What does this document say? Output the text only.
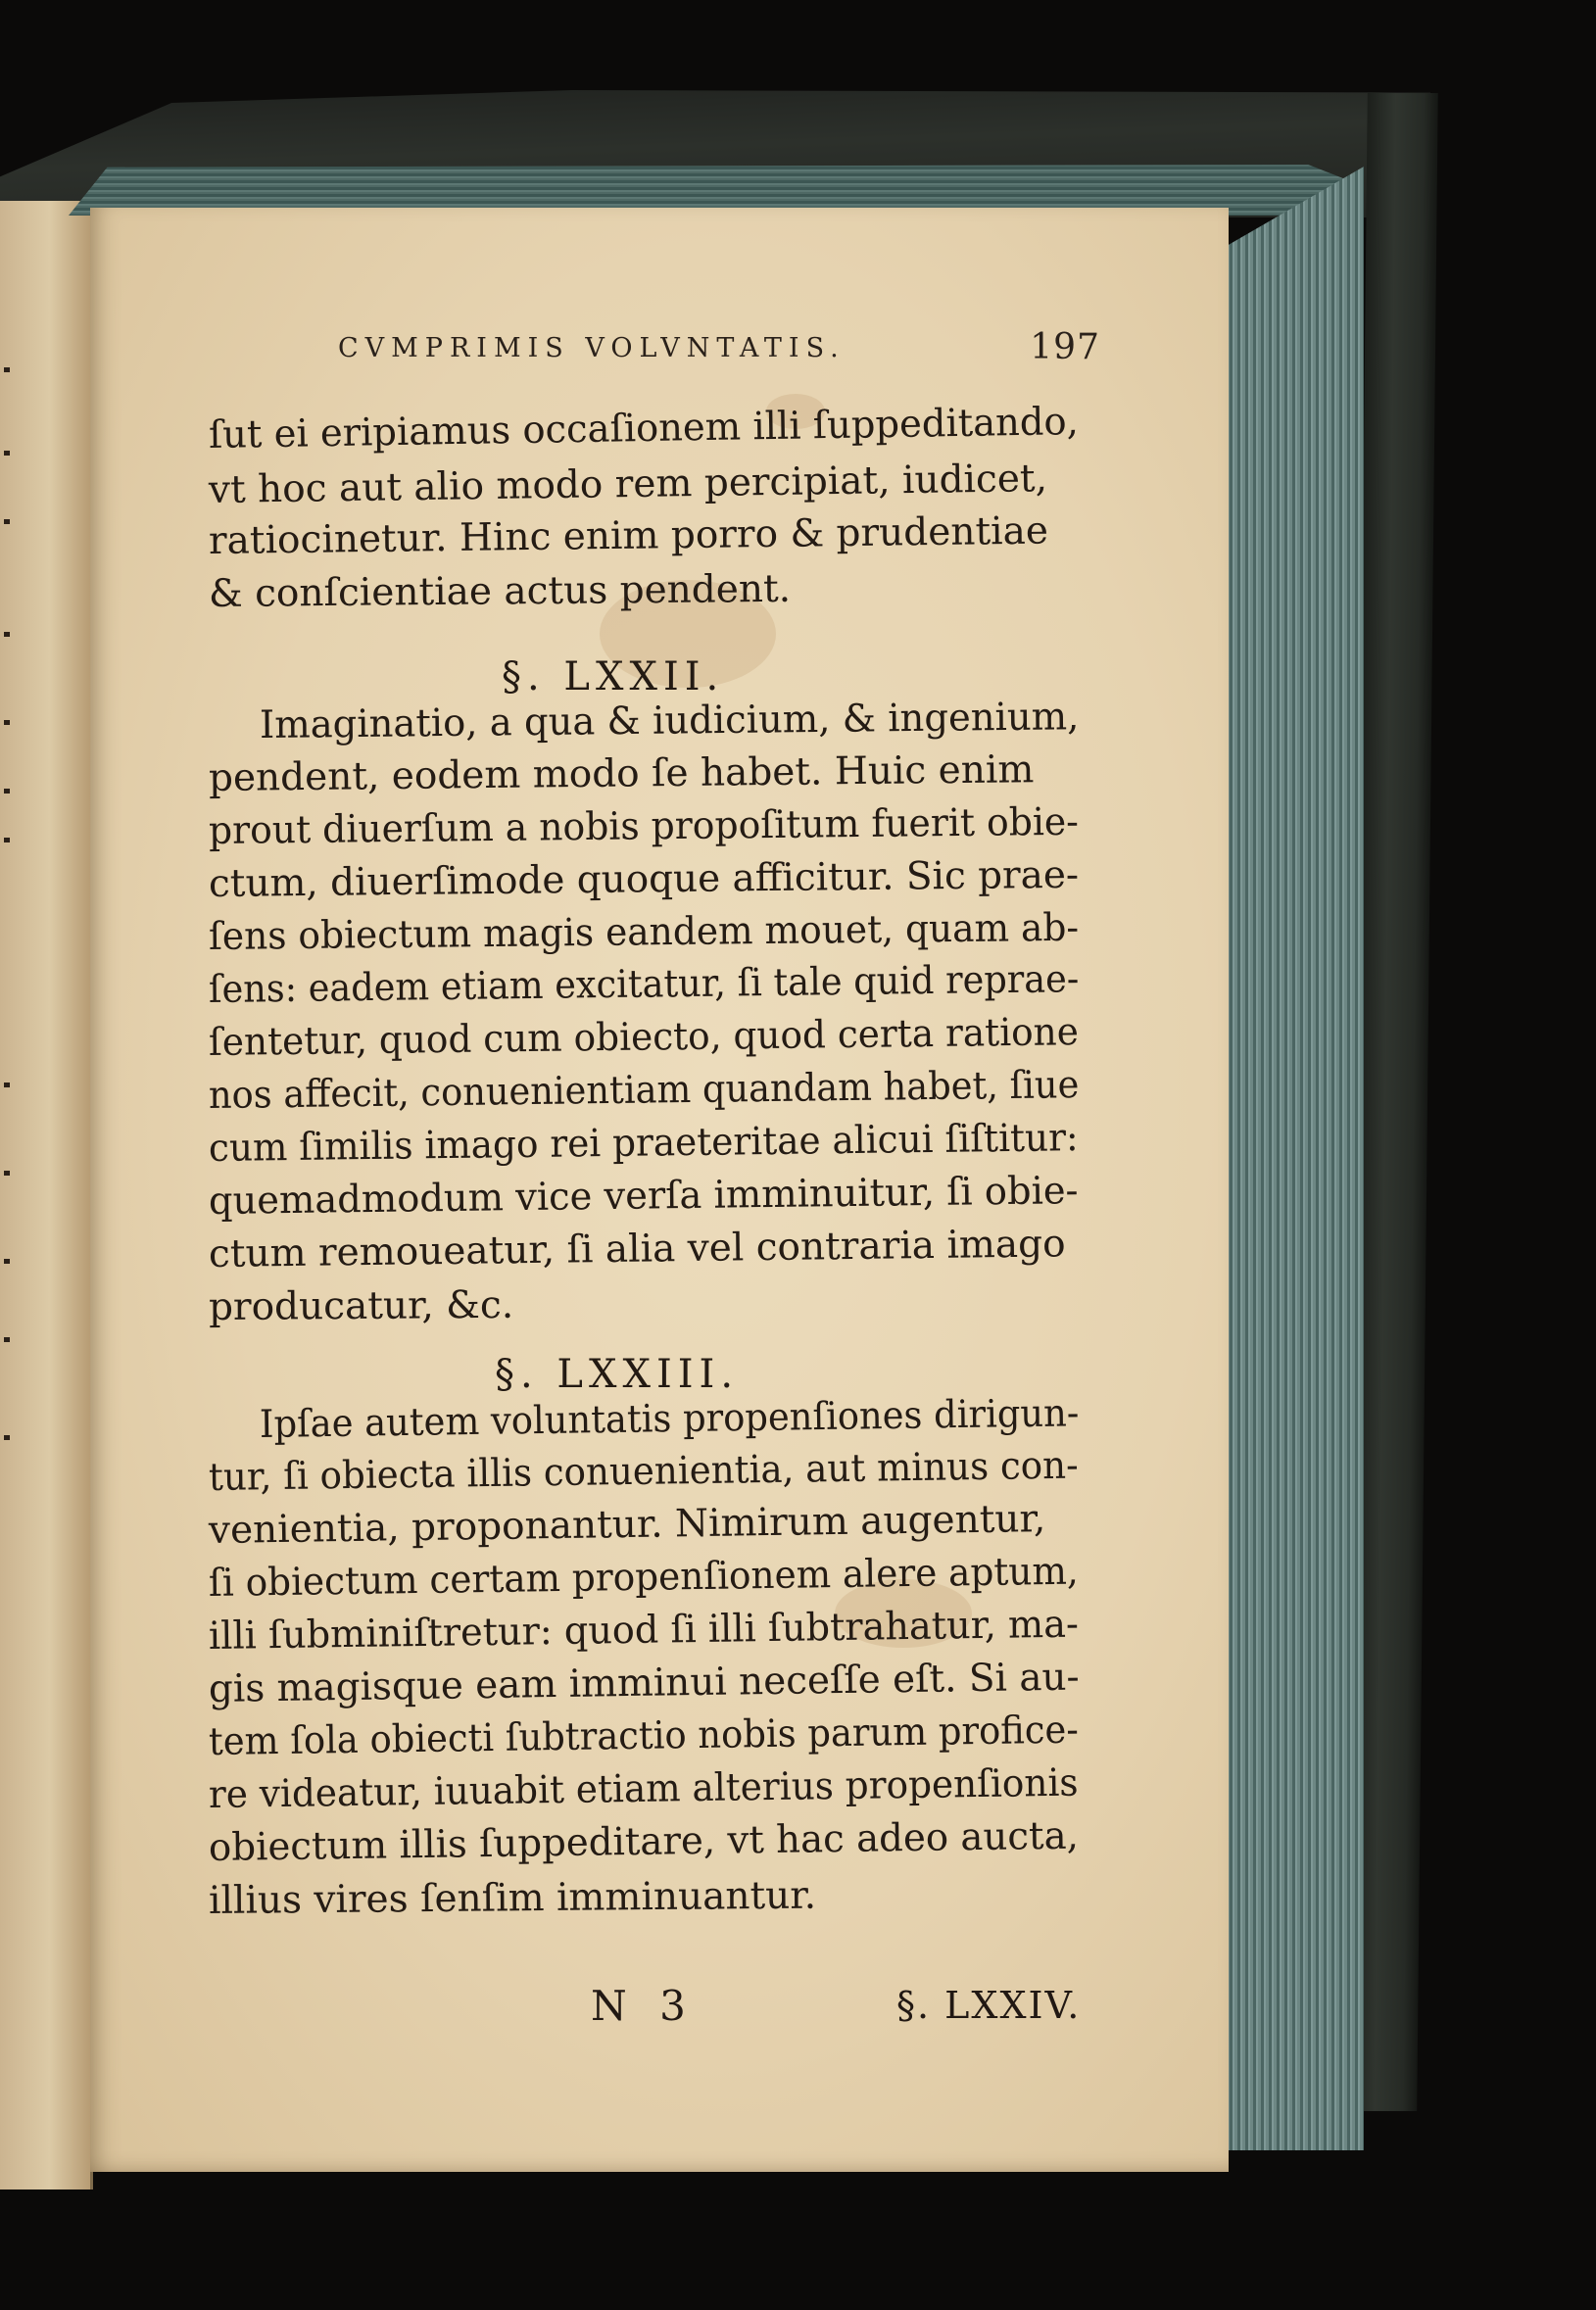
CVMPRIMIS VOLVNTATIS.	197
ſut ei eripiamus occaſionem illi ſuppeditando,
vt hoc aut alio modo rem percipiat, iudicet,
ratiocinetur. Hinc enim porro & prudentiae
& conſcientiae actus pendent.
§. LXXII.
Imaginatio, a qua & iudicium, & ingenium,
pendent, eodem modo ſe habet. Huic enim
prout diuerſum a nobis propoſitum fuerit obie-
ctum, diuerſimode quoque afficitur. Sic prae-
ſens obiectum magis eandem mouet, quam ab-
ſens: eadem etiam excitatur, ſi tale quid reprae-
ſentetur, quod cum obiecto, quod certa ratione
nos affecit, conuenientiam quandam habet, ſiue
cum ſimilis imago rei praeteritae alicui ſiſtitur:
quemadmodum vice verſa imminuitur, ſi obie-
ctum remoueatur, ſi alia vel contraria imago
producatur, &c.
§. LXXIII.
Ipſae autem voluntatis propenſiones dirigun-
tur, ſi obiecta illis conuenientia, aut minus con-
venientia, proponantur. Nimirum augentur,
ſi obiectum certam propenſionem alere aptum,
illi ſubminiſtretur: quod ſi illi ſubtrahatur, ma-
gis magisque eam imminui neceſſe eſt. Si au-
tem ſola obiecti ſubtractio nobis parum profice-
re videatur, iuuabit etiam alterius propenſionis
obiectum illis ſuppeditare, vt hac adeo aucta,
illius vires ſenſim imminuantur.
N 3	§. LXXIV.
